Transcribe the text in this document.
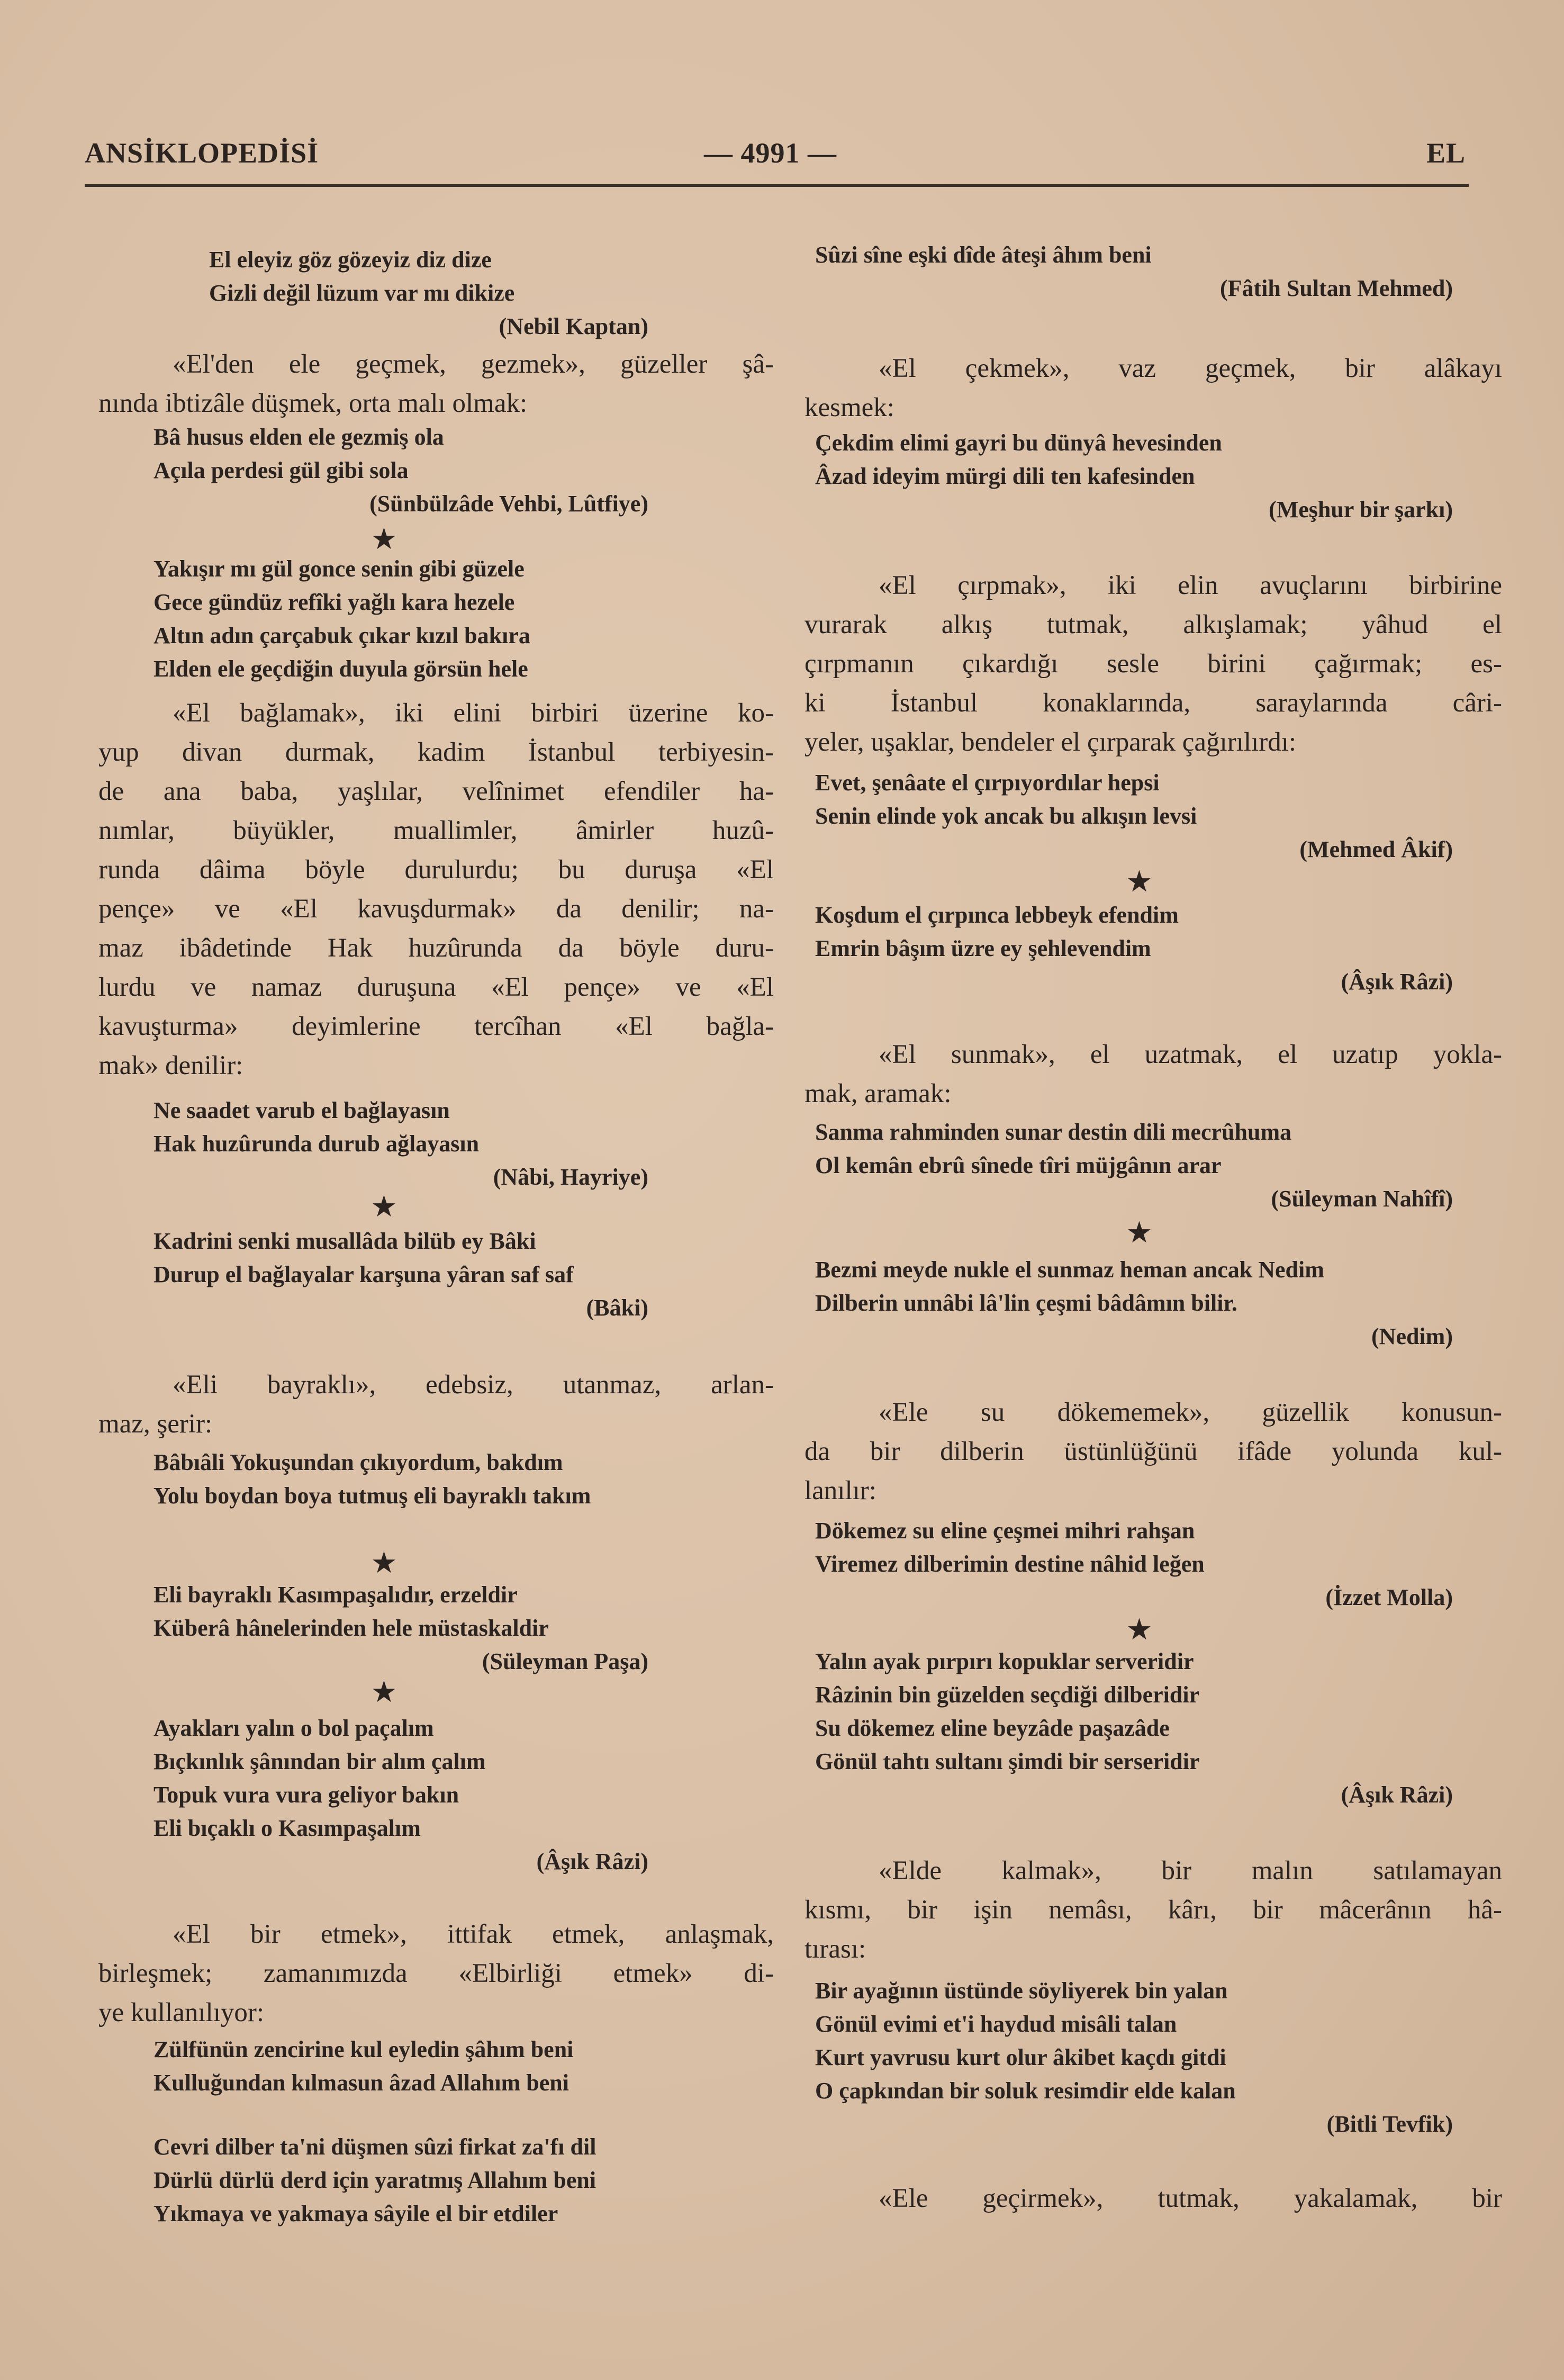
ANSİKLOPEDİSİ	— 4991 —	EL
El eleyiz göz gözeyiz diz dize
Gizli değil lüzum var mı dikize
(Nebil Kaptan)
«El'den ele geçmek, gezmek», güzeller şâ-
nında ibtizâle düşmek, orta malı olmak:
Bâ husus elden ele gezmiş ola
Açıla perdesi gül gibi sola
(Sünbülzâde Vehbi, Lûtfiye)
★
Yakışır mı gül gonce senin gibi güzele
Gece gündüz refîki yağlı kara hezele
Altın adın çarçabuk çıkar kızıl bakıra
Elden ele geçdiğin duyula görsün hele
«El bağlamak», iki elini birbiri üzerine ko-
yup divan durmak, kadim İstanbul terbiyesin-
de ana baba, yaşlılar, velînimet efendiler ha-
nımlar, büyükler, muallimler, âmirler huzû-
runda dâima böyle durulurdu; bu duruşa «El
pençe» ve «El kavuşdurmak» da denilir; na-
maz ibâdetinde Hak huzûrunda da böyle duru-
lurdu ve namaz duruşuna «El pençe» ve «El
kavuşturma» deyimlerine tercîhan «El bağla-
mak» denilir:
Ne saadet varub el bağlayasın
Hak huzûrunda durub ağlayasın
(Nâbi, Hayriye)
★
Kadrini senki musallâda bilüb ey Bâki
Durup el bağlayalar karşuna yâran saf saf
(Bâki)
«Eli bayraklı», edebsiz, utanmaz, arlan-
maz, şerir:
Bâbıâli Yokuşundan çıkıyordum, bakdım
Yolu boydan boya tutmuş eli bayraklı takım
★
Eli bayraklı Kasımpaşalıdır, erzeldir
Küberâ hânelerinden hele müstaskaldir
(Süleyman Paşa)
★
Ayakları yalın o bol paçalım
Bıçkınlık şânından bir alım çalım
Topuk vura vura geliyor bakın
Eli bıçaklı o Kasımpaşalım
(Âşık Râzi)
«El bir etmek», ittifak etmek, anlaşmak,
birleşmek; zamanımızda «Elbirliği etmek» di-
ye kullanılıyor:
Zülfünün zencirine kul eyledin şâhım beni
Kulluğundan kılmasun âzad Allahım beni
Cevri dilber ta'ni düşmen sûzi firkat za'fı dil
Dürlü dürlü derd için yaratmış Allahım beni
Yıkmaya ve yakmaya sâyile el bir etdiler
Sûzi sîne eşki dîde âteşi âhım beni
(Fâtih Sultan Mehmed)
«El çekmek», vaz geçmek, bir alâkayı
kesmek:
Çekdim elimi gayri bu dünyâ hevesinden
Âzad ideyim mürgi dili ten kafesinden
(Meşhur bir şarkı)
«El çırpmak», iki elin avuçlarını birbirine
vurarak alkış tutmak, alkışlamak; yâhud el
çırpmanın çıkardığı sesle birini çağırmak; es-
ki İstanbul konaklarında, saraylarında câri-
yeler, uşaklar, bendeler el çırparak çağırılırdı:
Evet, şenâate el çırpıyordılar hepsi
Senin elinde yok ancak bu alkışın levsi
(Mehmed Âkif)
★
Koşdum el çırpınca lebbeyk efendim
Emrin bâşım üzre ey şehlevendim
(Âşık Râzi)
«El sunmak», el uzatmak, el uzatıp yokla-
mak, aramak:
Sanma rahminden sunar destin dili mecrûhuma
Ol kemân ebrû sînede tîri müjgânın arar
(Süleyman Nahîfî)
★
Bezmi meyde nukle el sunmaz heman ancak Nedim
Dilberin unnâbi lâ'lin çeşmi bâdâmın bilir.
(Nedim)
«Ele su dökememek», güzellik konusun-
da bir dilberin üstünlüğünü ifâde yolunda kul-
lanılır:
Dökemez su eline çeşmei mihri rahşan
Viremez dilberimin destine nâhid leğen
(İzzet Molla)
★
Yalın ayak pırpırı kopuklar serveridir
Râzinin bin güzelden seçdiği dilberidir
Su dökemez eline beyzâde paşazâde
Gönül tahtı sultanı şimdi bir serseridir
(Âşık Râzi)
«Elde kalmak», bir malın satılamayan
kısmı, bir işin nemâsı, kârı, bir mâcerânın hâ-
tırası:
Bir ayağının üstünde söyliyerek bin yalan
Gönül evimi et'i haydud misâli talan
Kurt yavrusu kurt olur âkibet kaçdı gitdi
O çapkından bir soluk resimdir elde kalan
(Bitli Tevfik)
«Ele geçirmek», tutmak, yakalamak, bir
